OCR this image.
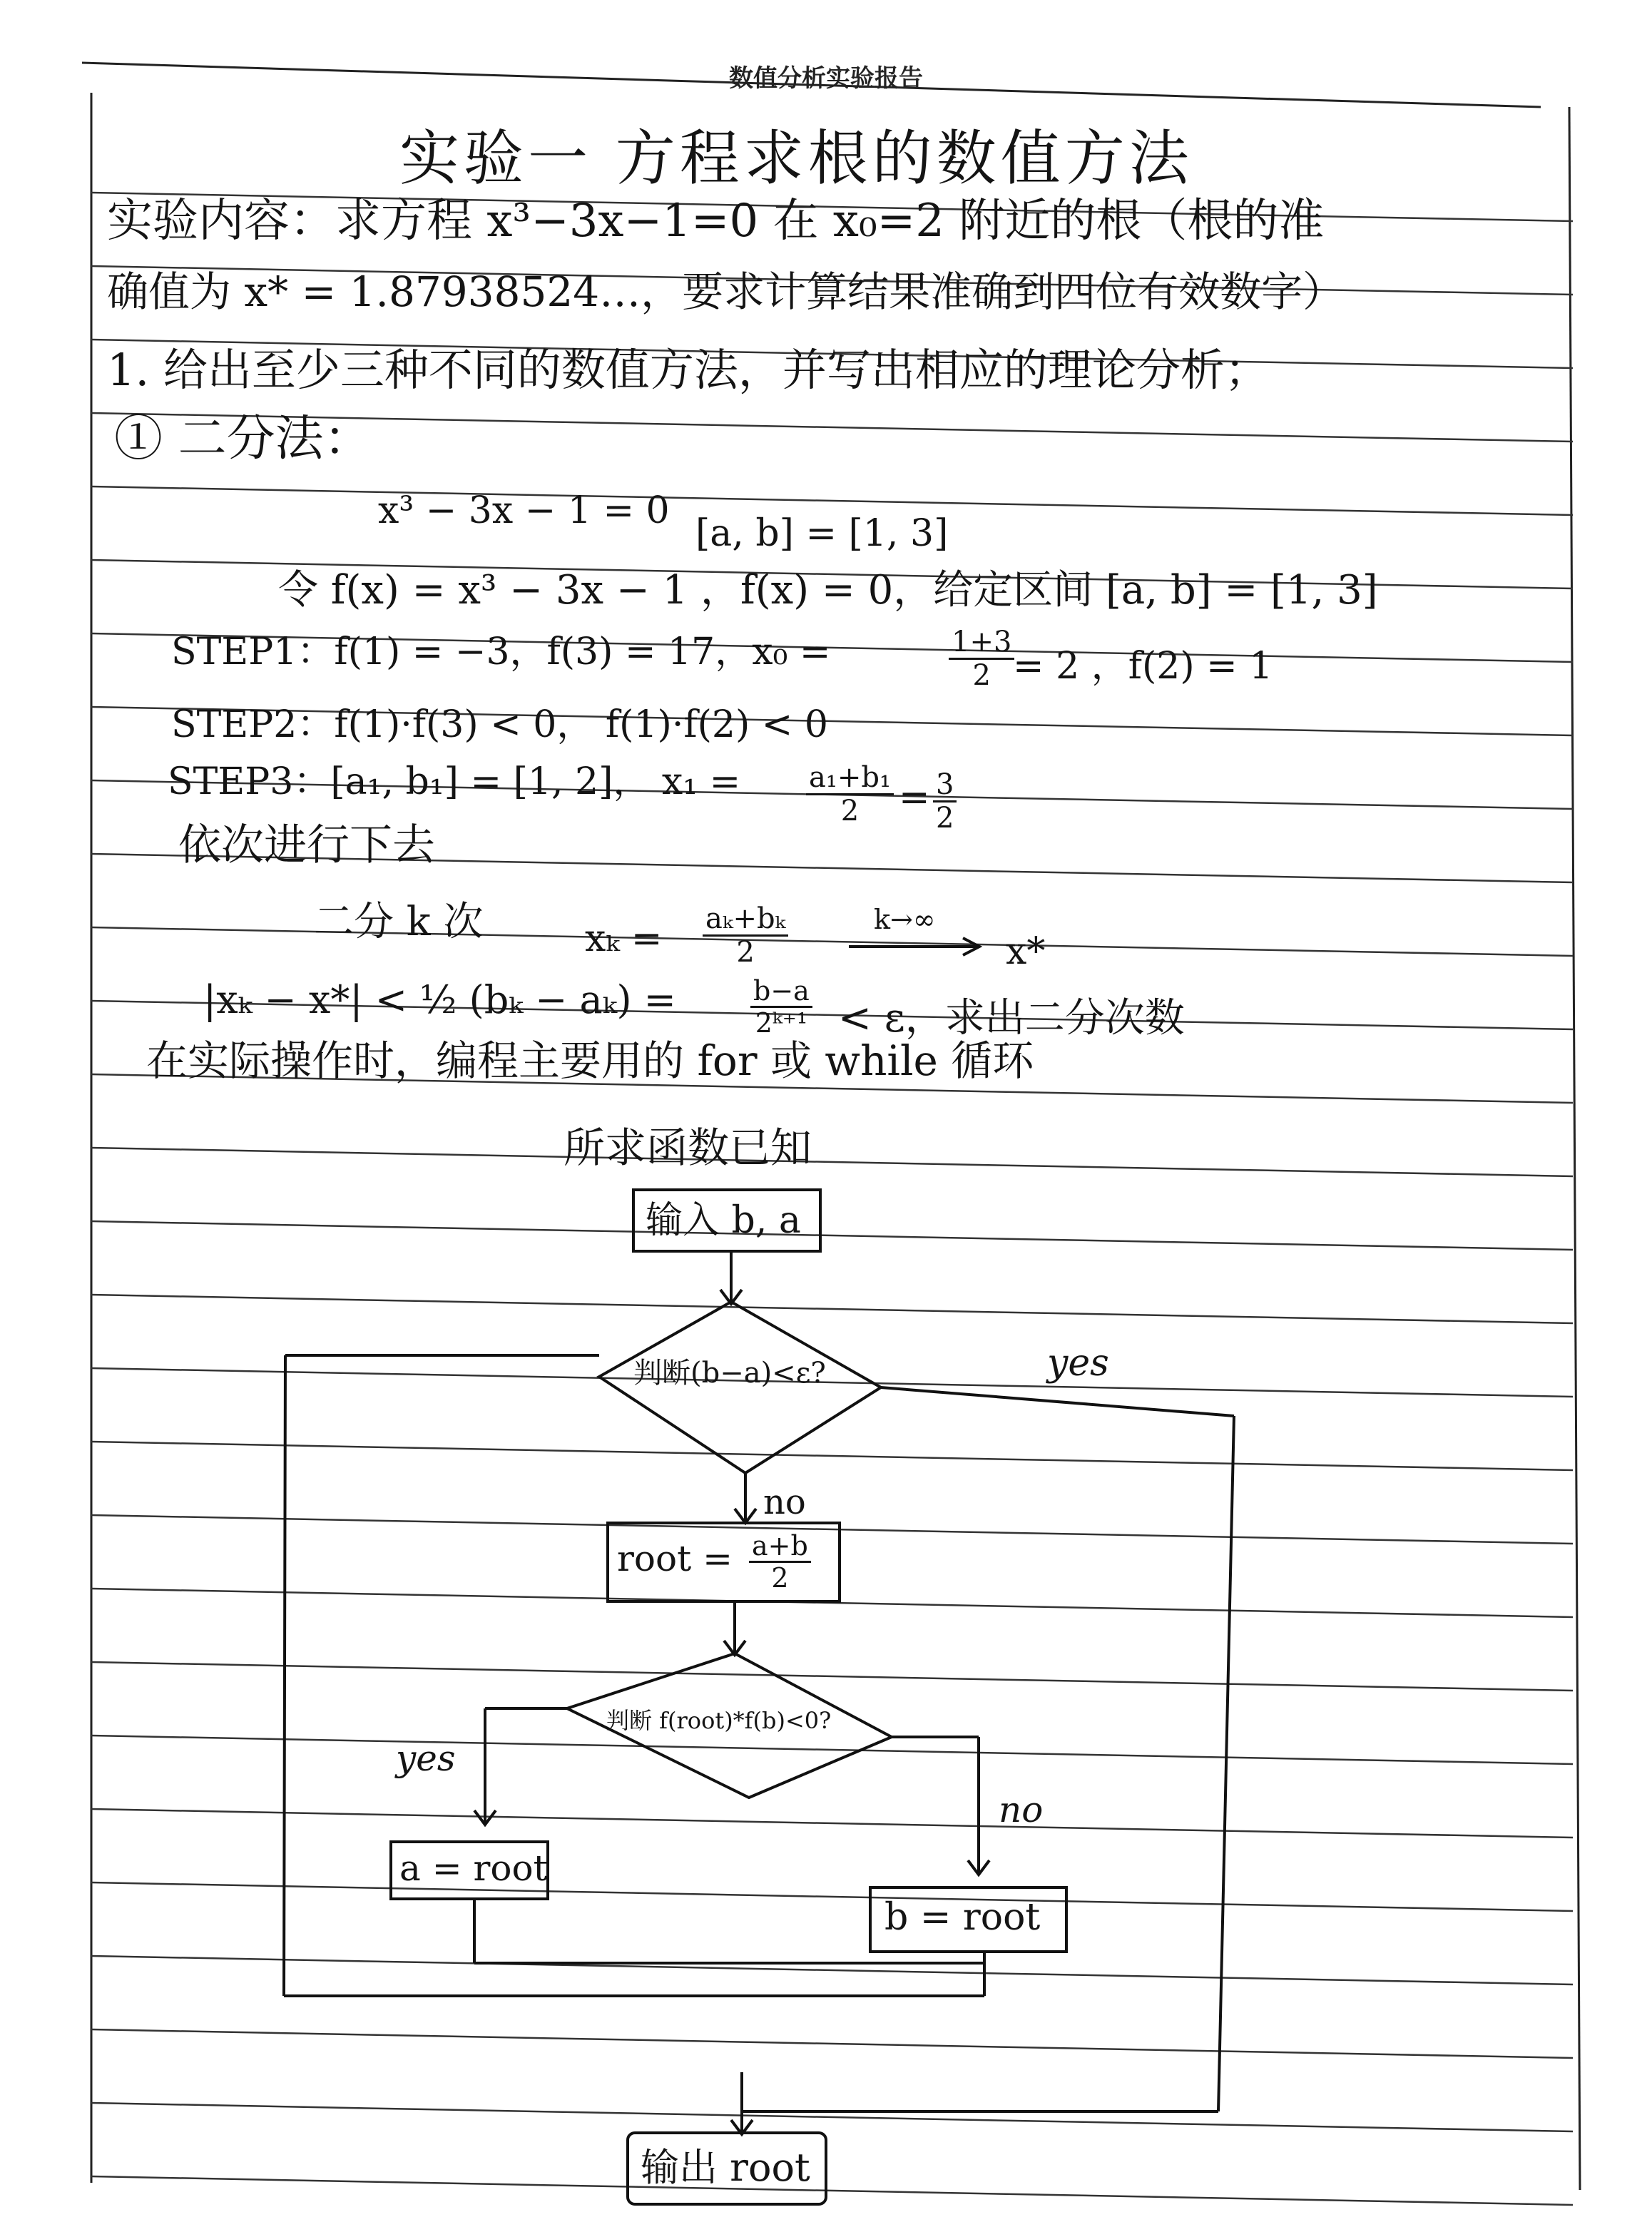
数值分析实验报告
实验一 方程求根的数值方法
实验内容：求方程 x³−3x−1=0 在 x₀=2 附近的根（根的准
确值为 x* = 1.87938524…，要求计算结果准确到四位有效数字）
1. 给出至少三种不同的数值方法，并写出相应的理论分析；
① 二分法：
x³ − 3x − 1 = 0
[a, b] = [1, 3]
令 f(x) = x³ − 3x − 1 ，f(x) = 0，给定区间 [a, b] = [1, 3]
STEP1：f(1) = −3，f(3) = 17，x₀ =	$\frac{1+3}{2}$
= 2 ，f(2) = 1
STEP2：f(1)·f(3) < 0， f(1)·f(2) < 0
STEP3：[a₁, b₁] = [1, 2]， $x_1 = \frac{\text{a₁+b₁}}{2} = \frac{3}{2}$
依次进行下去
二分 k 次	$x_k = \frac{\text{aₖ+bₖ}}{2}$	k→∞
x*
|xₖ − x*| < ½ (bₖ − aₖ) =	$\frac{b-a}{\text{2ᵏ⁺¹}} < \varepsilon$，求出二分次数
在实际操作时，编程主要用的 for 或 while 循环
所求函数已知
输入 b, a
判断(b−a)<ε?	yes
no
root = $\frac{a+b}{2}$
判断 f(root)*f(b)<0?
yes
no
a = root
b = root
输出 root
